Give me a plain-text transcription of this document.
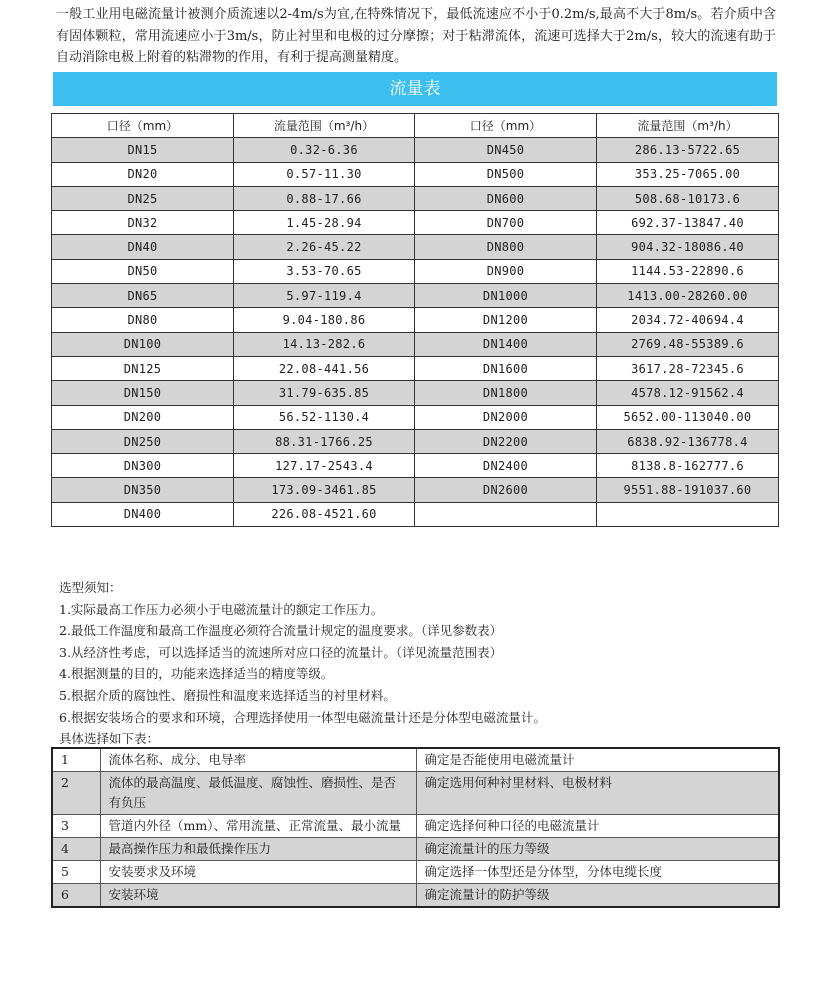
一般工业用电磁流量计被测介质流速以2-4m/s为宜,在特殊情况下，最低流速应不小于0.2m/s,最高不大于8m/s。若介质中含有固体颗粒，常用流速应小于3m/s，防止衬里和电极的过分摩擦；对于粘滞流体，流速可选择大于2m/s，较大的流速有助于自动消除电极上附着的粘滞物的作用，有利于提高测量精度。

流量表
口径（mm）	流量范围（m³/h）	口径（mm）	流量范围（m³/h）
DN15	0.32-6.36	DN450	286.13-5722.65
DN20	0.57-11.30	DN500	353.25-7065.00
DN25	0.88-17.66	DN600	508.68-10173.6
DN32	1.45-28.94	DN700	692.37-13847.40
DN40	2.26-45.22	DN800	904.32-18086.40
DN50	3.53-70.65	DN900	1144.53-22890.6
DN65	5.97-119.4	DN1000	1413.00-28260.00
DN80	9.04-180.86	DN1200	2034.72-40694.4
DN100	14.13-282.6	DN1400	2769.48-55389.6
DN125	22.08-441.56	DN1600	3617.28-72345.6
DN150	31.79-635.85	DN1800	4578.12-91562.4
DN200	56.52-1130.4	DN2000	5652.00-113040.00
DN250	88.31-1766.25	DN2200	6838.92-136778.4
DN300	127.17-2543.4	DN2400	8138.8-162777.6
DN350	173.09-3461.85	DN2600	9551.88-191037.60
DN400	226.08-4521.60		
选型须知：
1.实际最高工作压力必须小于电磁流量计的额定工作压力。
2.最低工作温度和最高工作温度必须符合流量计规定的温度要求。（详见参数表）
3.从经济性考虑，可以选择适当的流速所对应口径的流量计。（详见流量范围表）
4.根据测量的目的，功能来选择适当的精度等级。
5.根据介质的腐蚀性、磨损性和温度来选择适当的衬里材料。
6.根据安装场合的要求和环境，合理选择使用一体型电磁流量计还是分体型电磁流量计。
具体选择如下表：
1	流体名称、成分、电导率	确定是否能使用电磁流量计
2	流体的最高温度、最低温度、腐蚀性、磨损性、是否有负压	确定选用何种衬里材料、电极材料
3	管道内外径（mm）、常用流量、正常流量、最小流量	确定选择何种口径的电磁流量计
4	最高操作压力和最低操作压力	确定流量计的压力等级
5	安装要求及环境	确定选择一体型还是分体型，分体电缆长度
6	安装环境	确定流量计的防护等级
